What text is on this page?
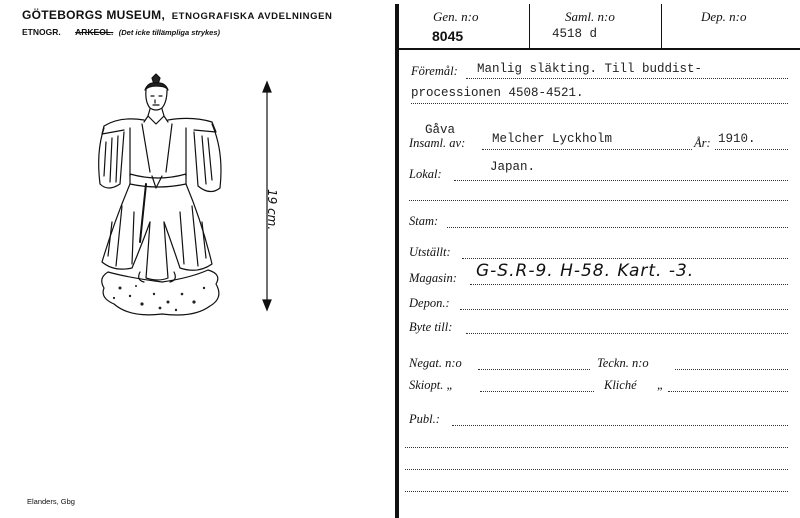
GÖTEBORGS MUSEUM, ETNOGRAFISKA AVDELNINGEN
ETNOGR. ARKEOL. (Det icke tillämpliga strykes)
19 cm.
Elanders, Gbg
Gen. n:o
8045
Saml. n:o
4518 d
Dep. n:o
Föremål: Manlig släkting. Till buddist-
processionen 4508-4521.
Gåva
Insaml. av: Melcher Lyckholm	År: 1910.
Lokal:	Japan.
Stam:
Utställt:
Magasin: G-S.R-9. H-58. Kart. -3.
Depon.:
Byte till:
Negat. n:o	Teckn. n:o
Skiopt. „	Kliché „
Publ.:
